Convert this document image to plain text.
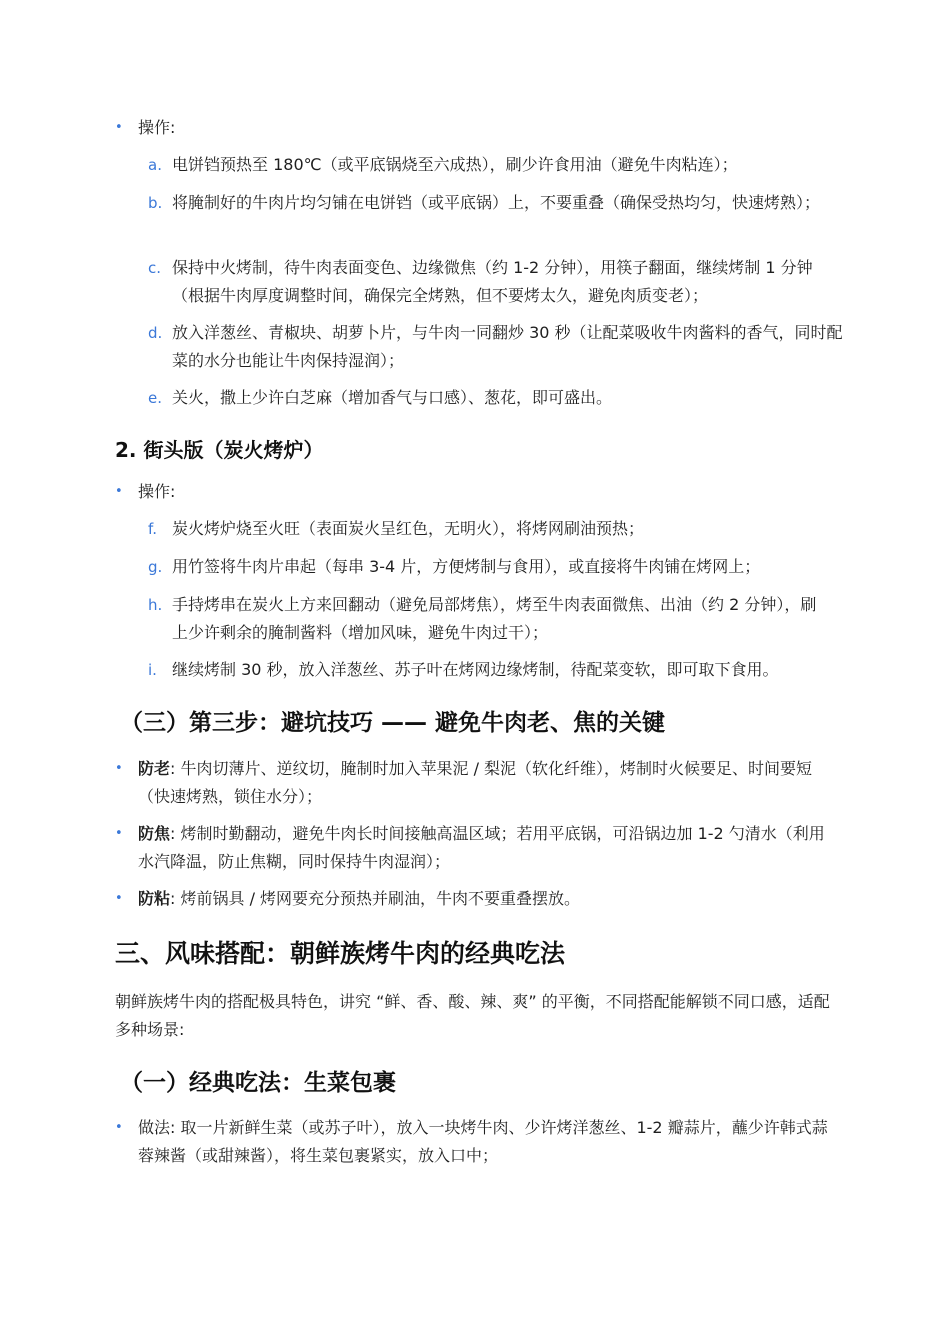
• 操作:
a. 电饼铛预热至 180℃（或平底锅烧至六成热），刷少许食用油（避免牛肉粘连）；
b. 将腌制好的牛肉片均匀铺在电饼铛（或平底锅）上，不要重叠（确保受热均匀，快速烤熟）；
c. 保持中火烤制，待牛肉表面变色、边缘微焦（约 1-2 分钟），用筷子翻面，继续烤制 1 分钟（根据牛肉厚度调整时间，确保完全烤熟，但不要烤太久，避免肉质变老）；
d. 放入洋葱丝、青椒块、胡萝卜片，与牛肉一同翻炒 30 秒（让配菜吸收牛肉酱料的香气，同时配菜的水分也能让牛肉保持湿润）；
e. 关火，撒上少许白芝麻（增加香气与口感）、葱花，即可盛出。
2. 街头版（炭火烤炉）
• 操作:
f. 炭火烤炉烧至火旺（表面炭火呈红色，无明火），将烤网刷油预热；
g. 用竹签将牛肉片串起（每串 3-4 片，方便烤制与食用），或直接将牛肉铺在烤网上；
h. 手持烤串在炭火上方来回翻动（避免局部烤焦），烤至牛肉表面微焦、出油（约 2 分钟），刷上少许剩余的腌制酱料（增加风味，避免牛肉过干）；
i. 继续烤制 30 秒，放入洋葱丝、苏子叶在烤网边缘烤制，待配菜变软，即可取下食用。
（三）第三步：避坑技巧 —— 避免牛肉老、焦的关键
• 防老: 牛肉切薄片、逆纹切，腌制时加入苹果泥 / 梨泥（软化纤维），烤制时火候要足、时间要短（快速烤熟，锁住水分）；
• 防焦: 烤制时勤翻动，避免牛肉长时间接触高温区域；若用平底锅，可沿锅边加 1-2 勺清水（利用水汽降温，防止焦糊，同时保持牛肉湿润）；
• 防粘: 烤前锅具 / 烤网要充分预热并刷油，牛肉不要重叠摆放。
三、风味搭配：朝鲜族烤牛肉的经典吃法
朝鲜族烤牛肉的搭配极具特色，讲究 “鲜、香、酸、辣、爽” 的平衡，不同搭配能解锁不同口感，适配多种场景:
（一）经典吃法：生菜包裹
• 做法: 取一片新鲜生菜（或苏子叶），放入一块烤牛肉、少许烤洋葱丝、1-2 瓣蒜片，蘸少许韩式蒜蓉辣酱（或甜辣酱），将生菜包裹紧实，放入口中；
